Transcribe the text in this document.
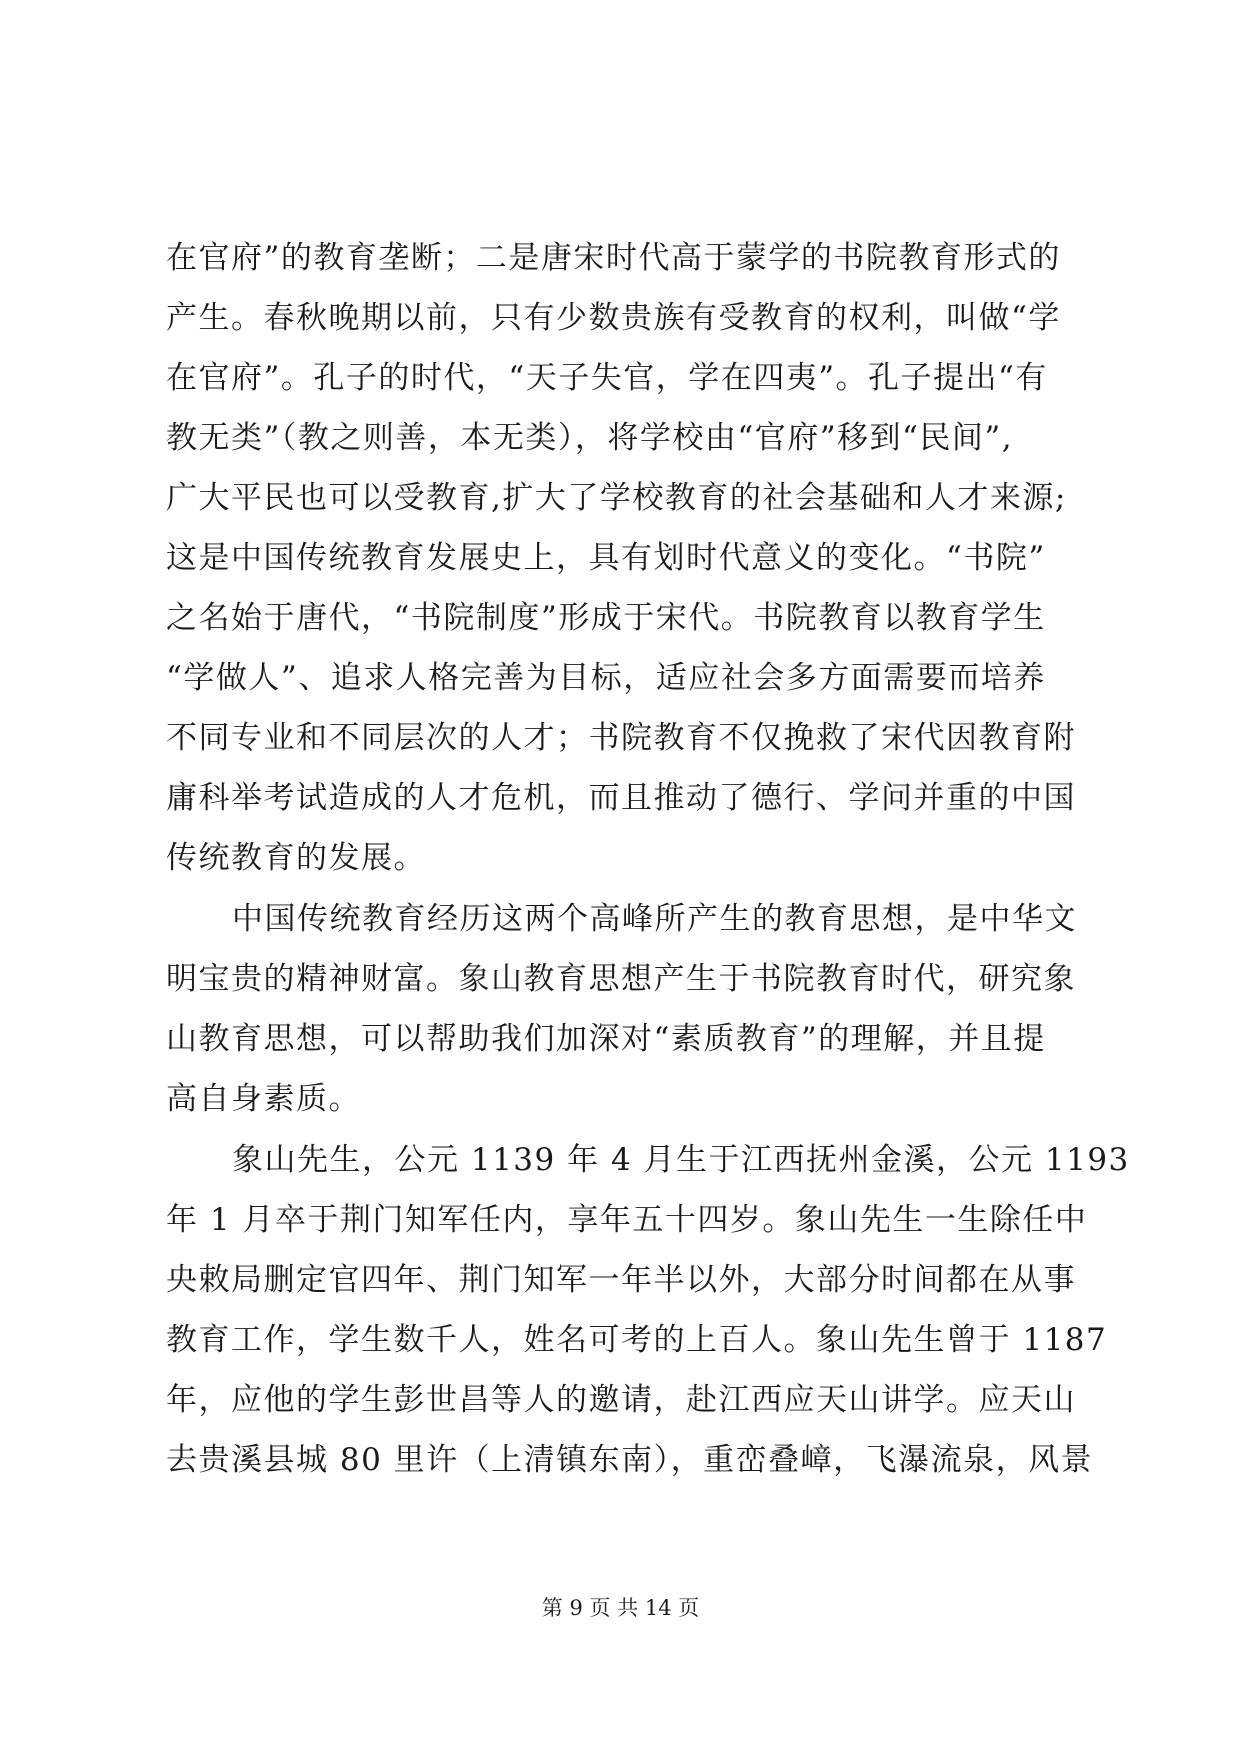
在官府”的教育垄断；二是唐宋时代高于蒙学的书院教育形式的
产生。春秋晚期以前，只有少数贵族有受教育的权利，叫做“学
在官府”。孔子的时代，“天子失官，学在四夷”。孔子提出“有
教无类”（教之则善，本无类），将学校由“官府”移到“民间”,
广大平民也可以受教育,扩大了学校教育的社会基础和人才来源;
这是中国传统教育发展史上，具有划时代意义的变化。“书院”
之名始于唐代，“书院制度”形成于宋代。书院教育以教育学生
“学做人”、追求人格完善为目标，适应社会多方面需要而培养
不同专业和不同层次的人才；书院教育不仅挽救了宋代因教育附
庸科举考试造成的人才危机，而且推动了德行、学问并重的中国
传统教育的发展。
中国传统教育经历这两个高峰所产生的教育思想，是中华文
明宝贵的精神财富。象山教育思想产生于书院教育时代，研究象
山教育思想，可以帮助我们加深对“素质教育”的理解，并且提
高自身素质。
象山先生，公元 1139 年 4 月生于江西抚州金溪，公元 1193
年 1 月卒于荆门知军任内，享年五十四岁。象山先生一生除任中
央敕局删定官四年、荆门知军一年半以外，大部分时间都在从事
教育工作，学生数千人，姓名可考的上百人。象山先生曾于 1187
年，应他的学生彭世昌等人的邀请，赴江西应天山讲学。应天山
去贵溪县城 80 里许（上清镇东南），重峦叠嶂，飞瀑流泉，风景
第 9 页 共 14 页
